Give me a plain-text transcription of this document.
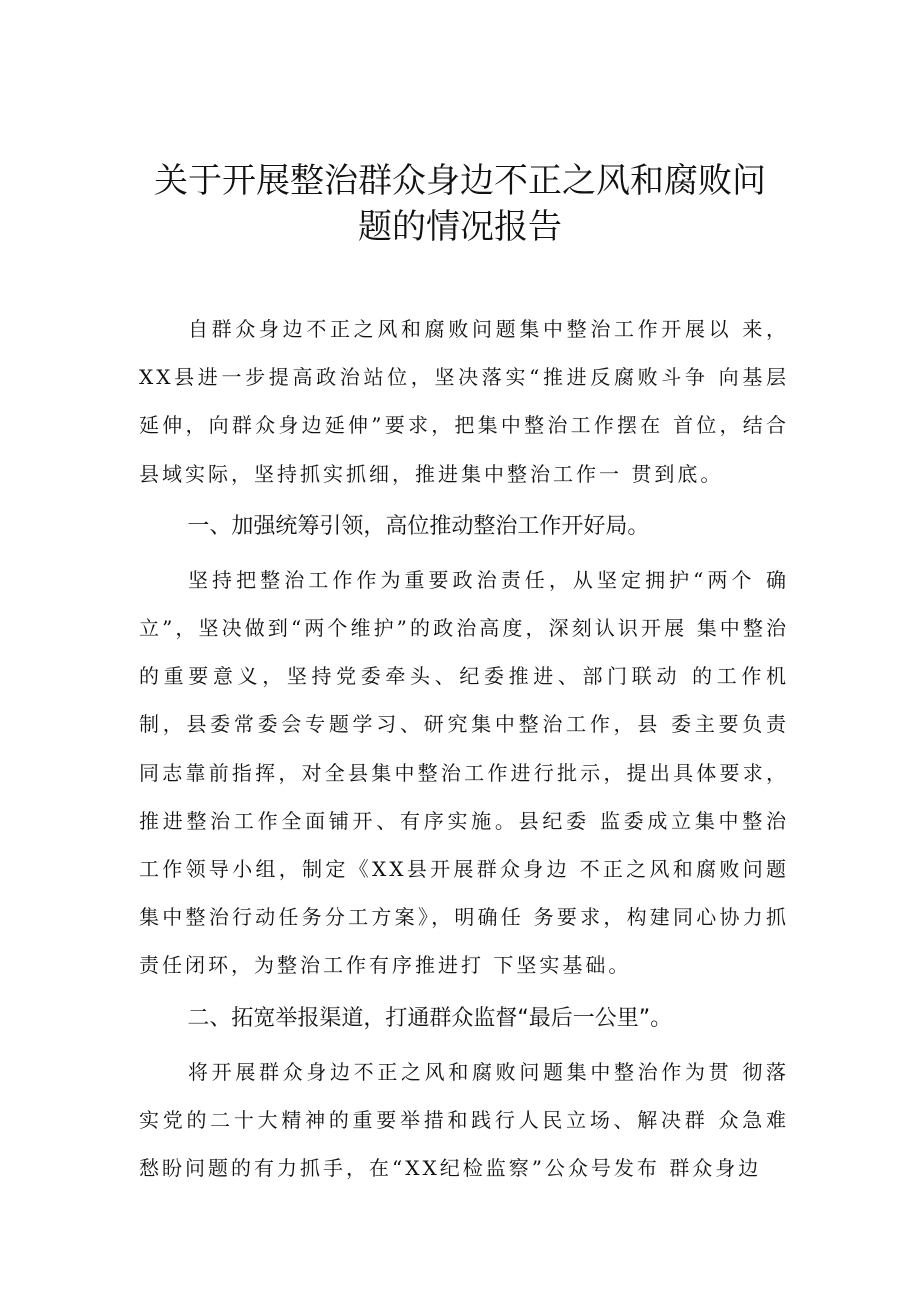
关于开展整治群众身边不正之风和腐败问
题的情况报告

自群众身边不正之风和腐败问题集中整治工作开展以 来，XX县进一步提高政治站位，坚决落实“推进反腐败斗争 向基层延伸，向群众身边延伸”要求，把集中整治工作摆在 首位，结合县域实际，坚持抓实抓细，推进集中整治工作一 贯到底。

一、加强统筹引领，高位推动整治工作开好局。

坚持把整治工作作为重要政治责任，从坚定拥护“两个 确立”，坚决做到“两个维护”的政治高度，深刻认识开展 集中整治的重要意义，坚持党委牵头、纪委推进、部门联动 的工作机制，县委常委会专题学习、研究集中整治工作，县 委主要负责同志靠前指挥，对全县集中整治工作进行批示，提出具体要求，推进整治工作全面铺开、有序实施。县纪委 监委成立集中整治工作领导小组，制定《XX县开展群众身边 不正之风和腐败问题集中整治行动任务分工方案》，明确任 务要求，构建同心协力抓责任闭环，为整治工作有序推进打 下坚实基础。

二、拓宽举报渠道，打通群众监督“最后一公里”。

将开展群众身边不正之风和腐败问题集中整治作为贯 彻落实党的二十大精神的重要举措和践行人民立场、解决群 众急难愁盼问题的有力抓手，在“XX纪检监察”公众号发布 群众身边
